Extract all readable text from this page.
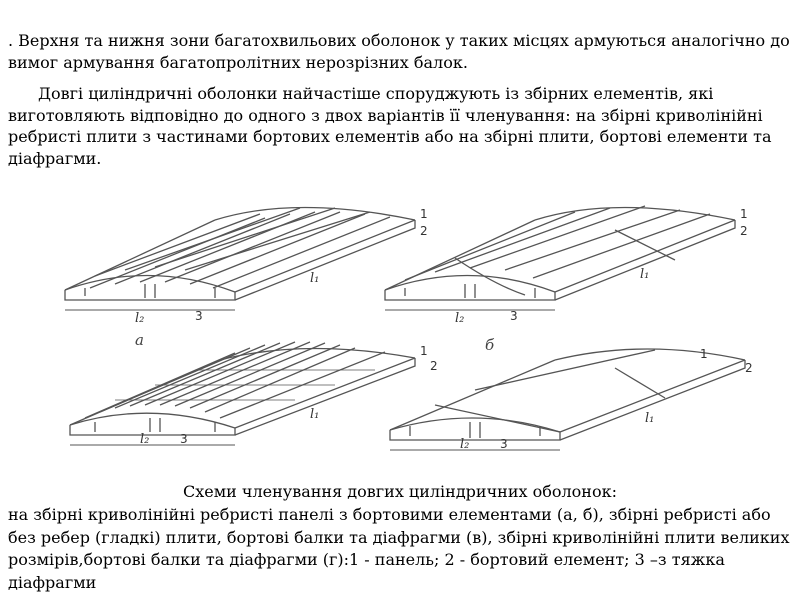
. Верхня та нижня зони багатохвильових оболонок у таких місцях армуються аналогічно до вимог армування багатопролітних нерозрізних балок.

Довгі циліндричні оболонки найчастіше споруджують із збірних елементів, які виготовляють відповідно до одного з двох варіантів її членування: на збірні криволінійні ребристі плити з частинами бортових елементів або на збірні плити, бортові елементи та діафрагми.

1
2
l₁
l₂	3
а
1
2
l₁
l₂	3
б
1
2
l₁
l₂	3
1
2
l₁
l₂	3
Схеми членування довгих циліндричних оболонок:

на збірні криволінійні ребристі панелі з бортовими елементами (а, б), збірні ребристі або без ребер (гладкі) плити, бортові балки та діафрагми (в), збірні криволінійні плити великих розмірів,бортові балки та діафрагми (г):1 - панель; 2 - бортовий елемент; 3 –з тяжка діафрагми
